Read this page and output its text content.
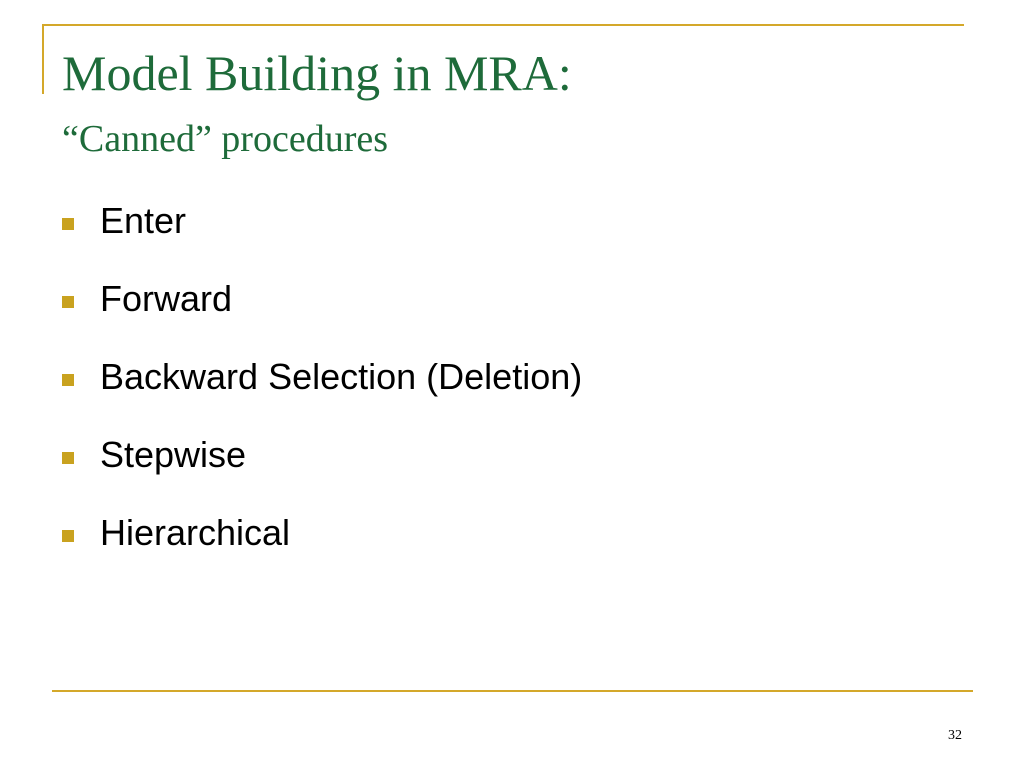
Model Building in MRA:
“Canned” procedures
Enter
Forward
Backward Selection (Deletion)
Stepwise
Hierarchical
32
